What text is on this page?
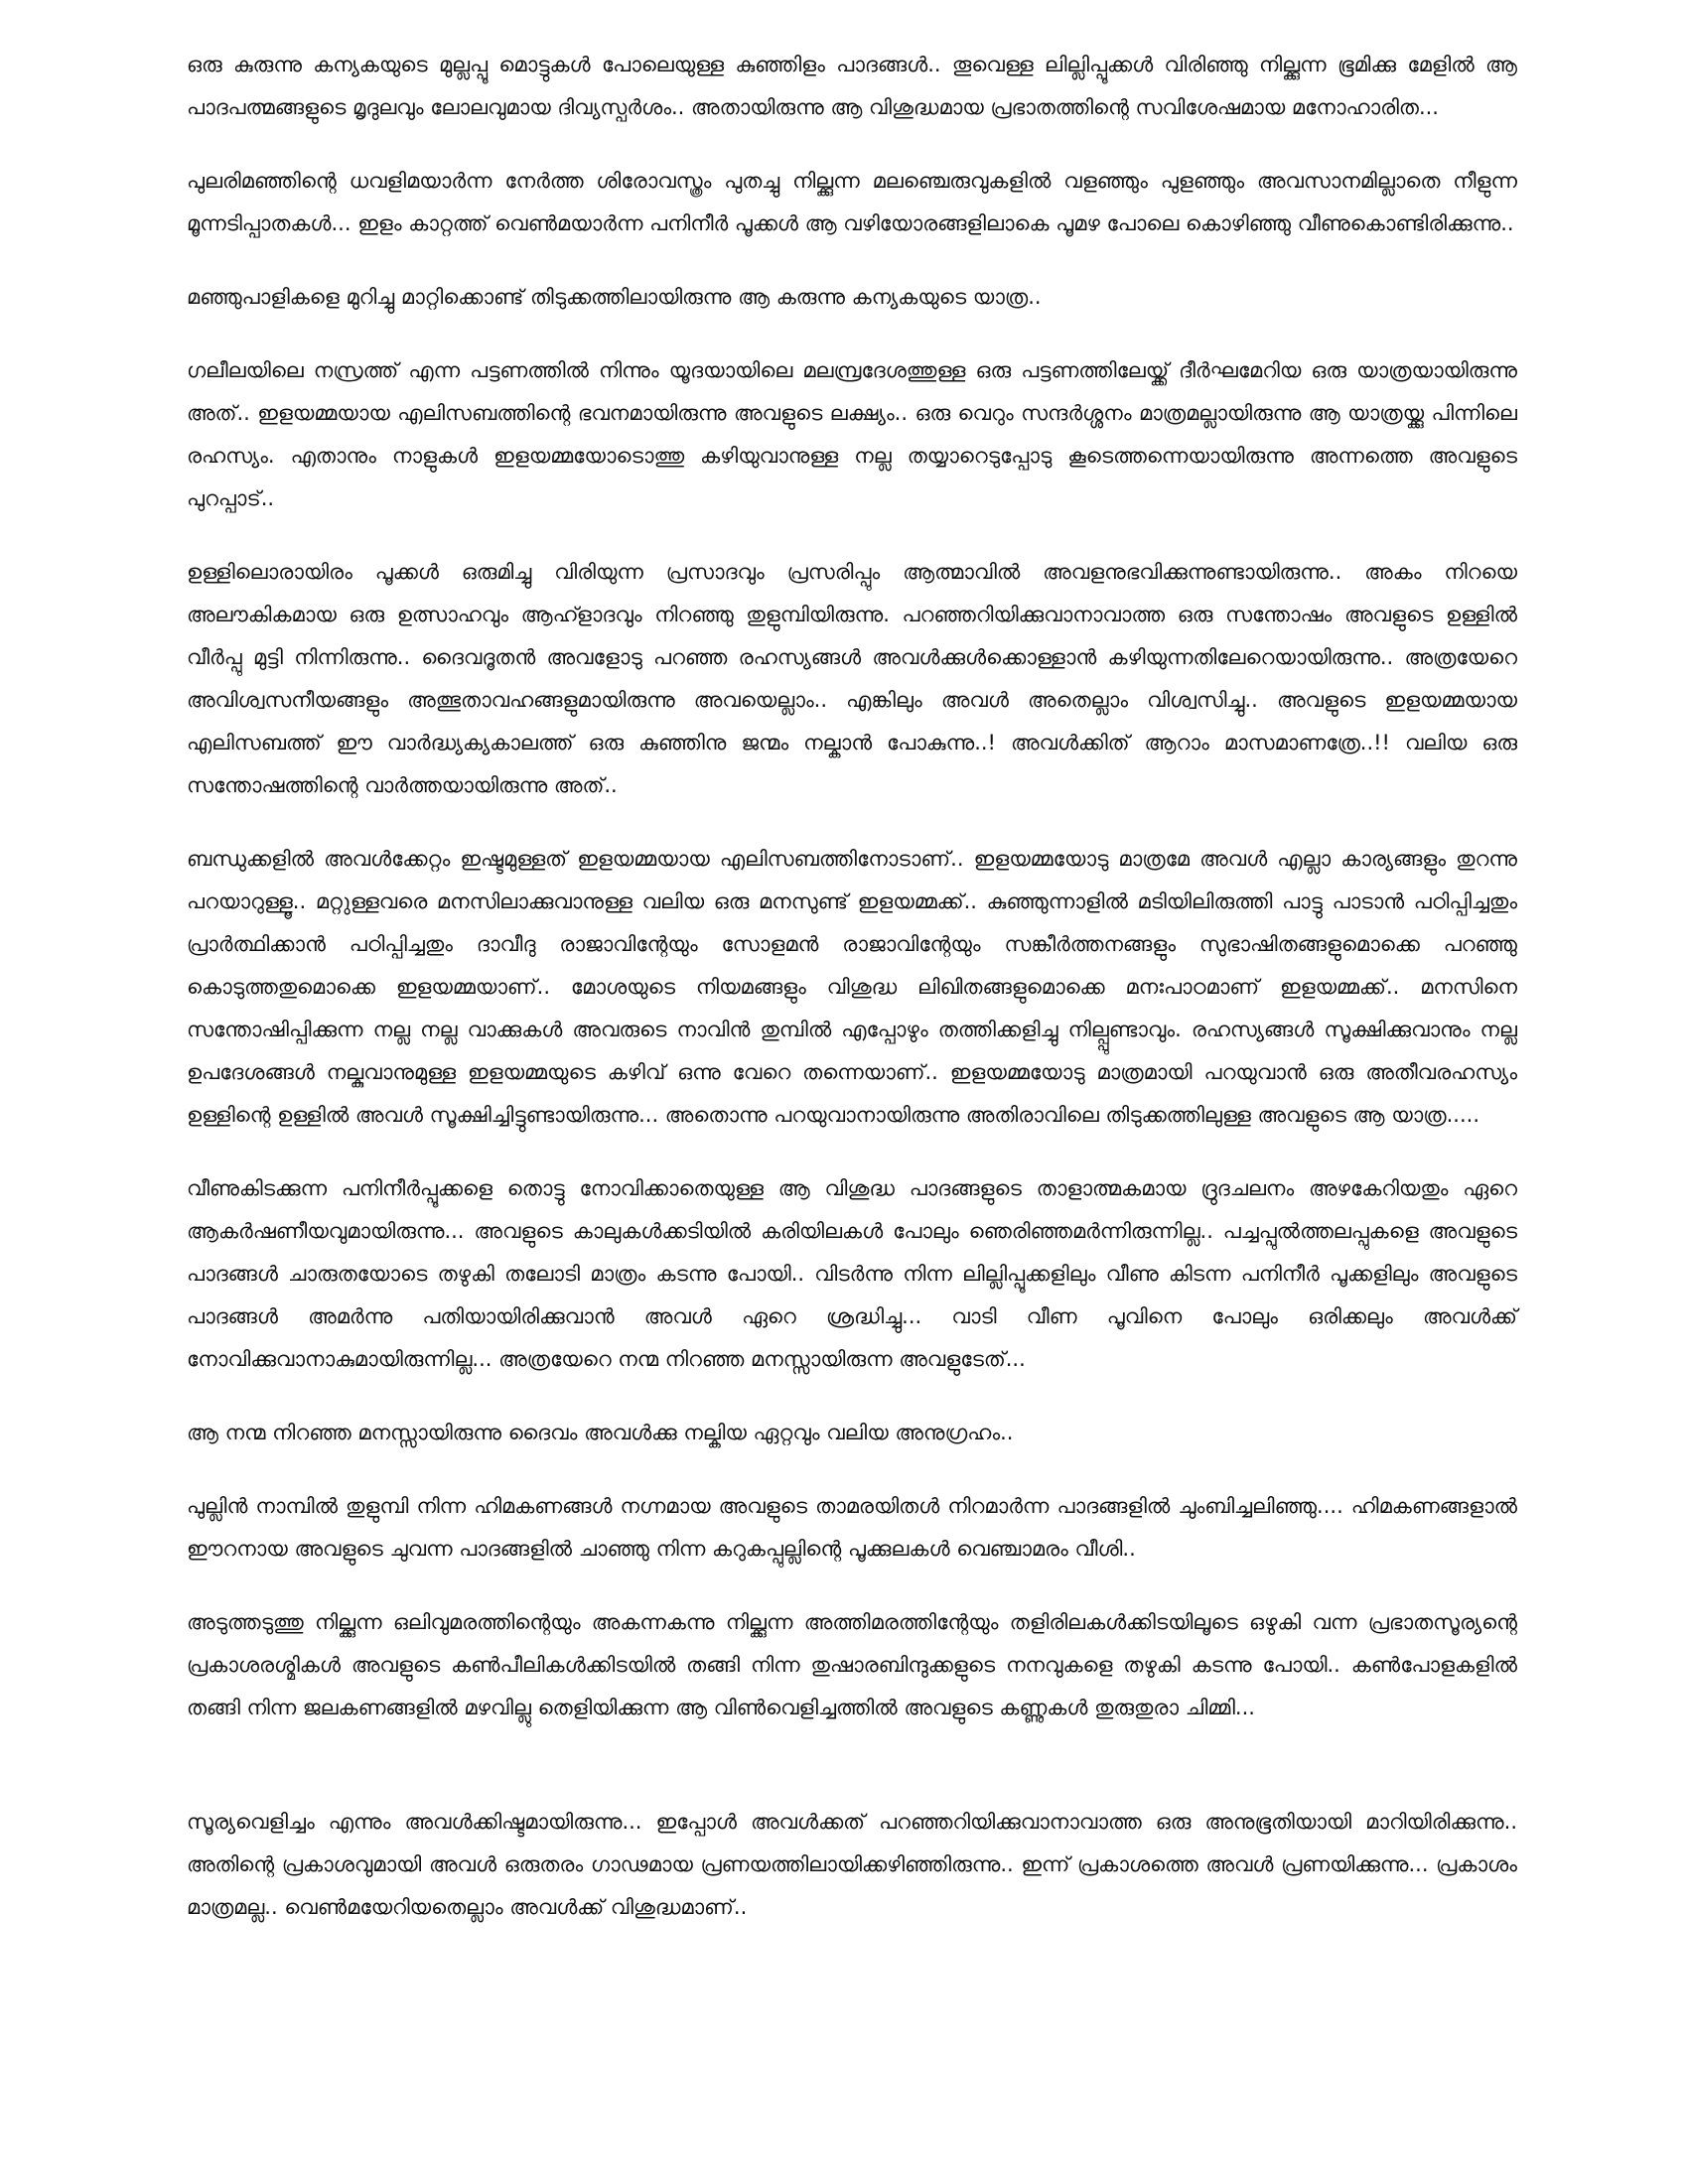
ഒരു കുരുന്നു കന്യകയുടെ മുല്ലപ്പൂ മൊട്ടുകൾ പോലെയുള്ള കുഞ്ഞിളം പാദങ്ങൾ.. തൂവെള്ള ലില്ലിപ്പൂക്കൾ വിരിഞ്ഞു നില്ക്കുന്ന ഭൂമിക്കു മേളിൽ ആ പാദപത്മങ്ങളുടെ മൃദുലവും ലോലവുമായ ദിവ്യസ്പർശം.. അതായിരുന്നു ആ വിശുദ്ധമായ പ്രഭാതത്തിന്റെ സവിശേഷമായ മനോഹാരിത...

പുലരിമഞ്ഞിന്റെ ധവളിമയാർന്ന നേർത്ത ശിരോവസ്ത്രം പുതച്ചു നില്ക്കുന്ന മലഞ്ചെരുവുകളിൽ വളഞ്ഞും പുളഞ്ഞും അവസാനമില്ലാതെ നീളുന്ന മൂന്നടിപ്പാതകൾ... ഇളം കാറ്റത്ത് വെൺമയാർന്ന പനിനീർ പൂക്കൾ ആ വഴിയോരങ്ങളിലാകെ പൂമഴ പോലെ കൊഴിഞ്ഞു വീണുകൊണ്ടിരിക്കുന്നു..

മഞ്ഞുപാളികളെ മുറിച്ചു മാറ്റിക്കൊണ്ട് തിടുക്കത്തിലായിരുന്നു ആ കരുന്നു കന്യകയുടെ യാത്ര..

ഗലീലയിലെ നസ്രത്ത് എന്ന പട്ടണത്തിൽ നിന്നും യൂദയായിലെ മലമ്പ്രദേശത്തുള്ള ഒരു പട്ടണത്തിലേയ്ക്ക് ദീർഘമേറിയ ഒരു യാത്രയായിരുന്നു അത്.. ഇളയമ്മയായ എലിസബത്തിന്റെ ഭവനമായിരുന്നു അവളുടെ ലക്ഷ്യം.. ഒരു വെറും സന്ദർശ്ശനം മാത്രമല്ലായിരുന്നു ആ യാത്രയ്ക്കു പിന്നിലെ രഹസ്യം. എതാനും നാളുകൾ ഇളയമ്മയോടൊത്തു കഴിയുവാനുള്ള നല്ല തയ്യാറെടുപ്പോടു കൂടെത്തന്നെയായിരുന്നു അന്നത്തെ അവളുടെ പുറപ്പാട്..

ഉള്ളിലൊരായിരം പൂക്കൾ ഒരുമിച്ചു വിരിയുന്ന പ്രസാദവും പ്രസരിപ്പും ആത്മാവിൽ അവളനുഭവിക്കുന്നുണ്ടായിരുന്നു.. അകം നിറയെ അലൗകികമായ ഒരു ഉത്സാഹവും ആഹ്ളാദവും നിറഞ്ഞു തുളുമ്പിയിരുന്നു. പറഞ്ഞറിയിക്കുവാനാവാത്ത ഒരു സന്തോഷം അവളുടെ ഉള്ളിൽ വീർപ്പു മുട്ടി നിന്നിരുന്നു.. ദൈവദൂതൻ അവളോടു പറഞ്ഞ രഹസ്യങ്ങൾ അവൾക്കുൾക്കൊള്ളാൻ കഴിയുന്നതിലേറെയായിരുന്നു.. അത്രയേറെ അവിശ്വസനീയങ്ങളും അത്ഭുതാവഹങ്ങളുമായിരുന്നു അവയെല്ലാം.. എങ്കിലും അവൾ അതെല്ലാം വിശ്വസിച്ചു.. അവളുടെ ഇളയമ്മയായ എലിസബത്ത് ഈ വാർദ്ധ്യക്യകാലത്ത് ഒരു കുഞ്ഞിനു ജന്മം നല്കാൻ പോകുന്നു..! അവൾക്കിത് ആറാം മാസമാണത്രേ..!! വലിയ ഒരു സന്തോഷത്തിന്റെ വാർത്തയായിരുന്നു അത്..

ബന്ധുക്കളിൽ അവൾക്കേറ്റം ഇഷ്ടമുള്ളത് ഇളയമ്മയായ എലിസബത്തിനോടാണ്.. ഇളയമ്മയോടു മാത്രമേ അവൾ എല്ലാ കാര്യങ്ങളും തുറന്നു പറയാറുള്ളൂ.. മറ്റുള്ളവരെ മനസിലാക്കുവാനുള്ള വലിയ ഒരു മനസുണ്ട് ഇളയമ്മക്ക്.. കുഞ്ഞുന്നാളിൽ മടിയിലിരുത്തി പാട്ടു പാടാൻ പഠിപ്പിച്ചതും പ്രാർത്ഥിക്കാൻ പഠിപ്പിച്ചതും ദാവീദു രാജാവിന്റേയും സോളമൻ രാജാവിന്റേയും സങ്കീർത്തനങ്ങളും സുഭാഷിതങ്ങളുമൊക്കെ പറഞ്ഞു കൊടുത്തതുമൊക്കെ ഇളയമ്മയാണ്.. മോശയുടെ നിയമങ്ങളും വിശുദ്ധ ലിഖിതങ്ങളുമൊക്കെ മനഃപാഠമാണ് ഇളയമ്മക്ക്.. മനസിനെ സന്തോഷിപ്പിക്കുന്ന നല്ല നല്ല വാക്കുകൾ അവരുടെ നാവിൻ തുമ്പിൽ എപ്പോഴും തത്തിക്കളിച്ചു നില്പ്പുണ്ടാവും. രഹസ്യങ്ങൾ സൂക്ഷിക്കുവാനും നല്ല ഉപദേശങ്ങൾ നല്കുവാനുമുള്ള ഇളയമ്മയുടെ കഴിവ് ഒന്നു വേറെ തന്നെയാണ്.. ഇളയമ്മയോടു മാത്രമായി പറയുവാൻ ഒരു അതീവരഹസ്യം ഉള്ളിന്റെ ഉള്ളിൽ അവൾ സൂക്ഷിച്ചിട്ടുണ്ടായിരുന്നു... അതൊന്നു പറയുവാനായിരുന്നു അതിരാവിലെ തിടുക്കത്തിലുള്ള അവളുടെ ആ യാത്ര.....

വീണുകിടക്കുന്ന പനിനീർപ്പൂക്കളെ തൊട്ടു നോവിക്കാതെയുള്ള ആ വിശുദ്ധ പാദങ്ങളുടെ താളാത്മകമായ ദ്രുദചലനം അഴകേറിയതും ഏറെ ആകർഷണീയവുമായിരുന്നു... അവളുടെ കാലുകൾക്കടിയിൽ കരിയിലകൾ പോലും ഞെരിഞ്ഞമർന്നിരുന്നില്ല.. പച്ചപ്പുൽത്തലപ്പുകളെ അവളുടെ പാദങ്ങൾ ചാരുതയോടെ തഴുകി തലോടി മാത്രം കടന്നു പോയി.. വിടർന്നു നിന്ന ലില്ലിപ്പൂക്കളിലും വീണു കിടന്ന പനിനീർ പൂക്കളിലും അവളുടെ പാദങ്ങൾ അമർന്നു പതിയായിരിക്കുവാൻ അവൾ ഏറെ ശ്രദ്ധിച്ചു... വാടി വീണ പൂവിനെ പോലും ഒരിക്കലും അവൾക്ക് നോവിക്കുവാനാകുമായിരുന്നില്ല... അത്രയേറെ നന്മ നിറഞ്ഞ മനസ്സായിരുന്ന അവളുടേത്...

ആ നന്മ നിറഞ്ഞ മനസ്സായിരുന്നു ദൈവം അവൾക്കു നല്കിയ ഏറ്റവും വലിയ അനുഗ്രഹം..

പുല്ലിൻ നാമ്പിൽ തുളുമ്പി നിന്ന ഹിമകണങ്ങൾ നഗ്നമായ അവളുടെ താമരയിതൾ നിറമാർന്ന പാദങ്ങളിൽ ചുംബിച്ചലിഞ്ഞു.... ഹിമകണങ്ങളാൽ ഈറനായ അവളുടെ ചുവന്ന പാദങ്ങളിൽ ചാഞ്ഞു നിന്ന കറുകപ്പുല്ലിന്റെ പൂക്കുലകൾ വെഞ്ചാമരം വീശി..

അടുത്തടുത്തു നില്ക്കുന്ന ഒലിവുമരത്തിന്റെയും അകന്നകന്നു നില്ക്കുന്ന അത്തിമരത്തിന്റേയും തളിരിലകൾക്കിടയിലൂടെ ഒഴുകി വന്ന പ്രഭാതസൂര്യന്റെ പ്രകാശരശ്മികൾ അവളുടെ കൺപീലികൾക്കിടയിൽ തങ്ങി നിന്ന തുഷാരബിന്ദുക്കളുടെ നനവുകളെ തഴുകി കടന്നു പോയി.. കൺപോളകളിൽ തങ്ങി നിന്ന ജലകണങ്ങളിൽ മഴവില്ലു തെളിയിക്കുന്ന ആ വിൺവെളിച്ചത്തിൽ അവളുടെ കണ്ണുകൾ തുരുതുരാ ചിമ്മി...

സൂര്യവെളിച്ചം എന്നും അവൾക്കിഷ്ടമായിരുന്നു... ഇപ്പോൾ അവൾക്കത് പറഞ്ഞറിയിക്കുവാനാവാത്ത ഒരു അനുഭൂതിയായി മാറിയിരിക്കുന്നു.. അതിന്റെ പ്രകാശവുമായി അവൾ ഒരുതരം ഗാഢമായ പ്രണയത്തിലായിക്കഴിഞ്ഞിരുന്നു.. ഇന്ന് പ്രകാശത്തെ അവൾ പ്രണയിക്കുന്നു... പ്രകാശം മാത്രമല്ല.. വെൺമയേറിയതെല്ലാം അവൾക്ക് വിശുദ്ധമാണ്..
